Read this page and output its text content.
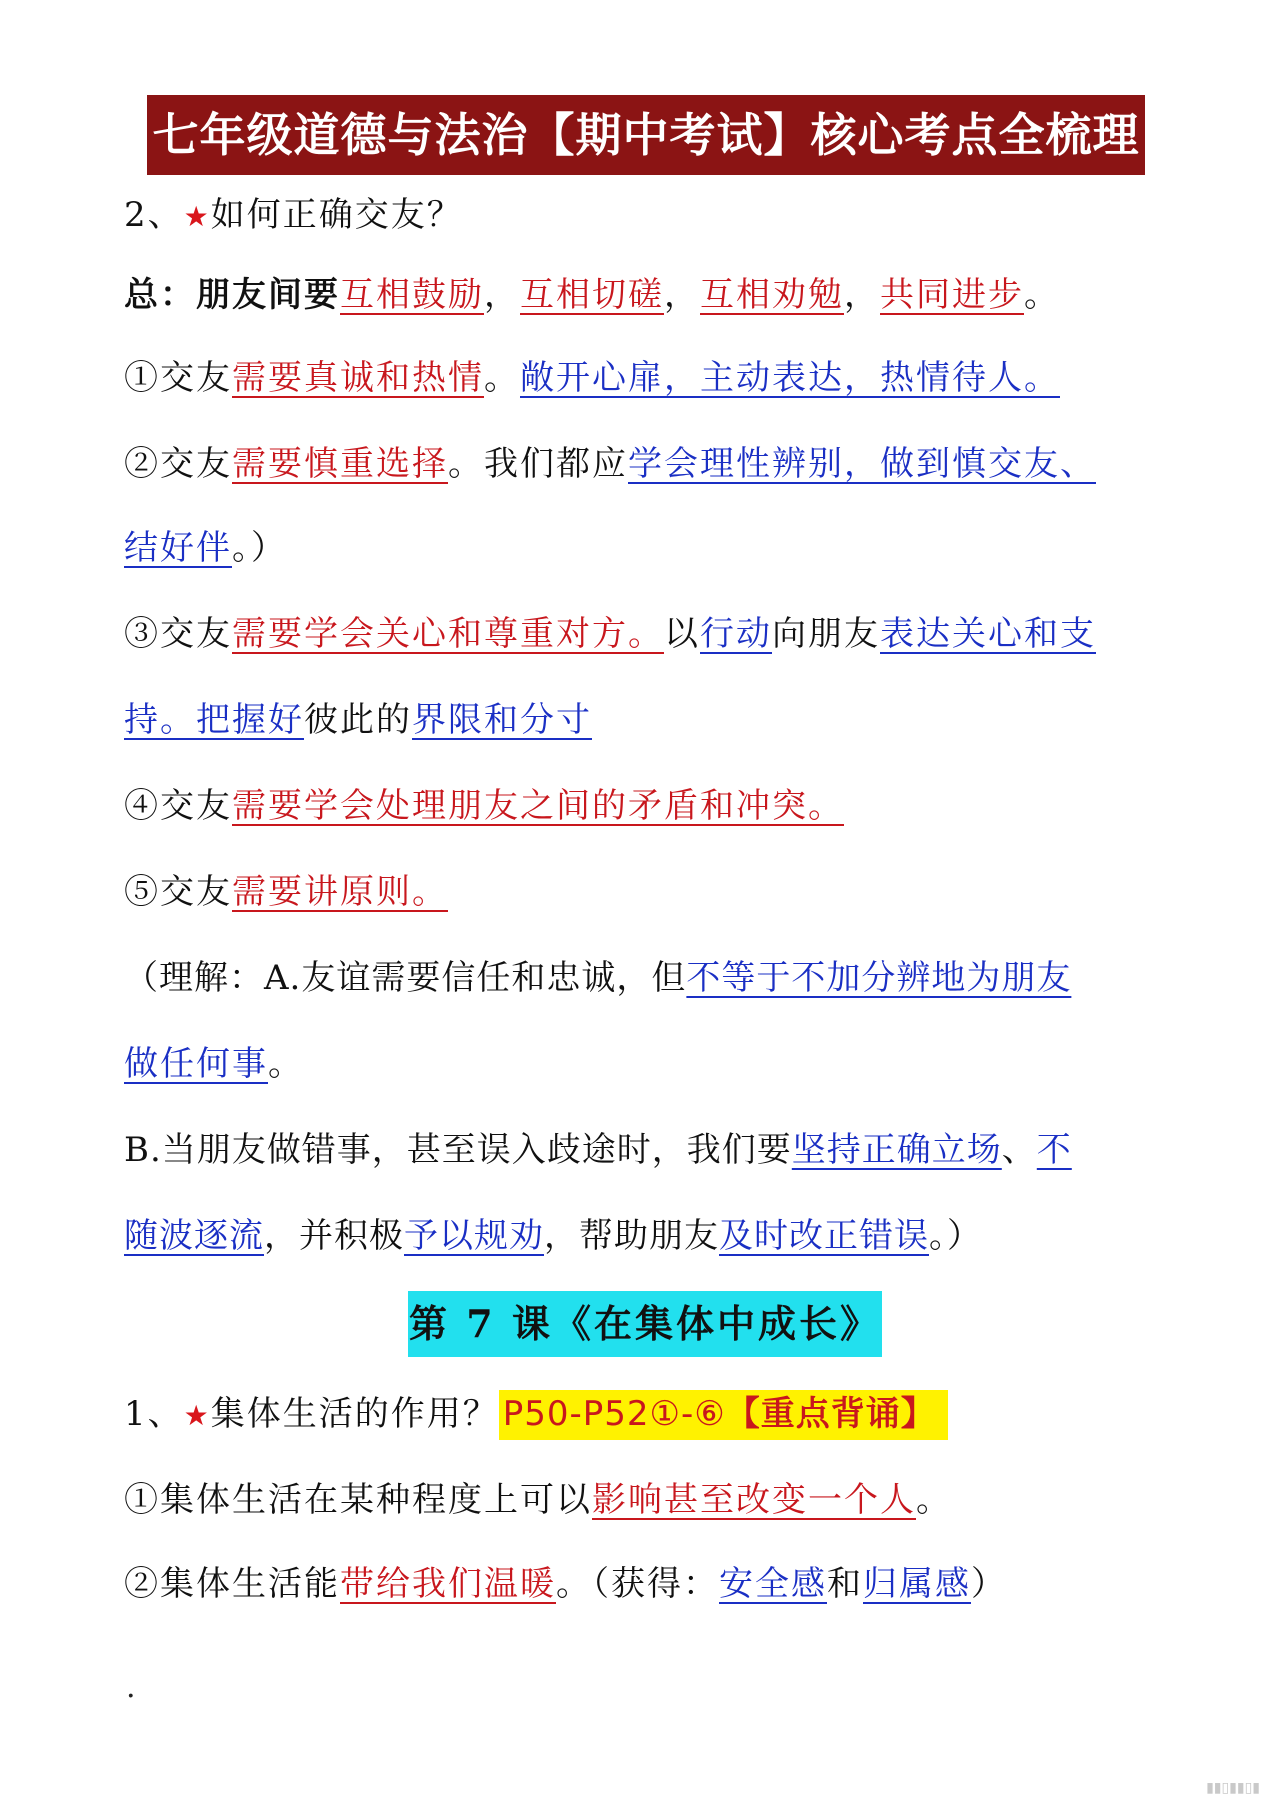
七年级道德与法治【期中考试】核心考点全梳理
2、★如何正确交友？
总：朋友间要互相鼓励，互相切磋，互相劝勉，共同进步。
①交友需要真诚和热情。敞开心扉，主动表达，热情待人。
②交友需要慎重选择。我们都应学会理性辨别，做到慎交友、
结好伴。）
③交友需要学会关心和尊重对方。以行动向朋友表达关心和支
持。把握好彼此的界限和分寸
④交友需要学会处理朋友之间的矛盾和冲突。
⑤交友需要讲原则。
（理解：A.友谊需要信任和忠诚，但不等于不加分辨地为朋友
做任何事。
B.当朋友做错事，甚至误入歧途时，我们要坚持正确立场、不
随波逐流，并积极予以规劝，帮助朋友及时改正错误。）
第 7 课《在集体中成长》
1、★集体生活的作用？ P50-P52①-⑥【重点背诵】
①集体生活在某种程度上可以影响甚至改变一个人。
②集体生活能带给我们温暖。（获得：安全感和归属感）
.
▮▮▯▮▮▯▮
